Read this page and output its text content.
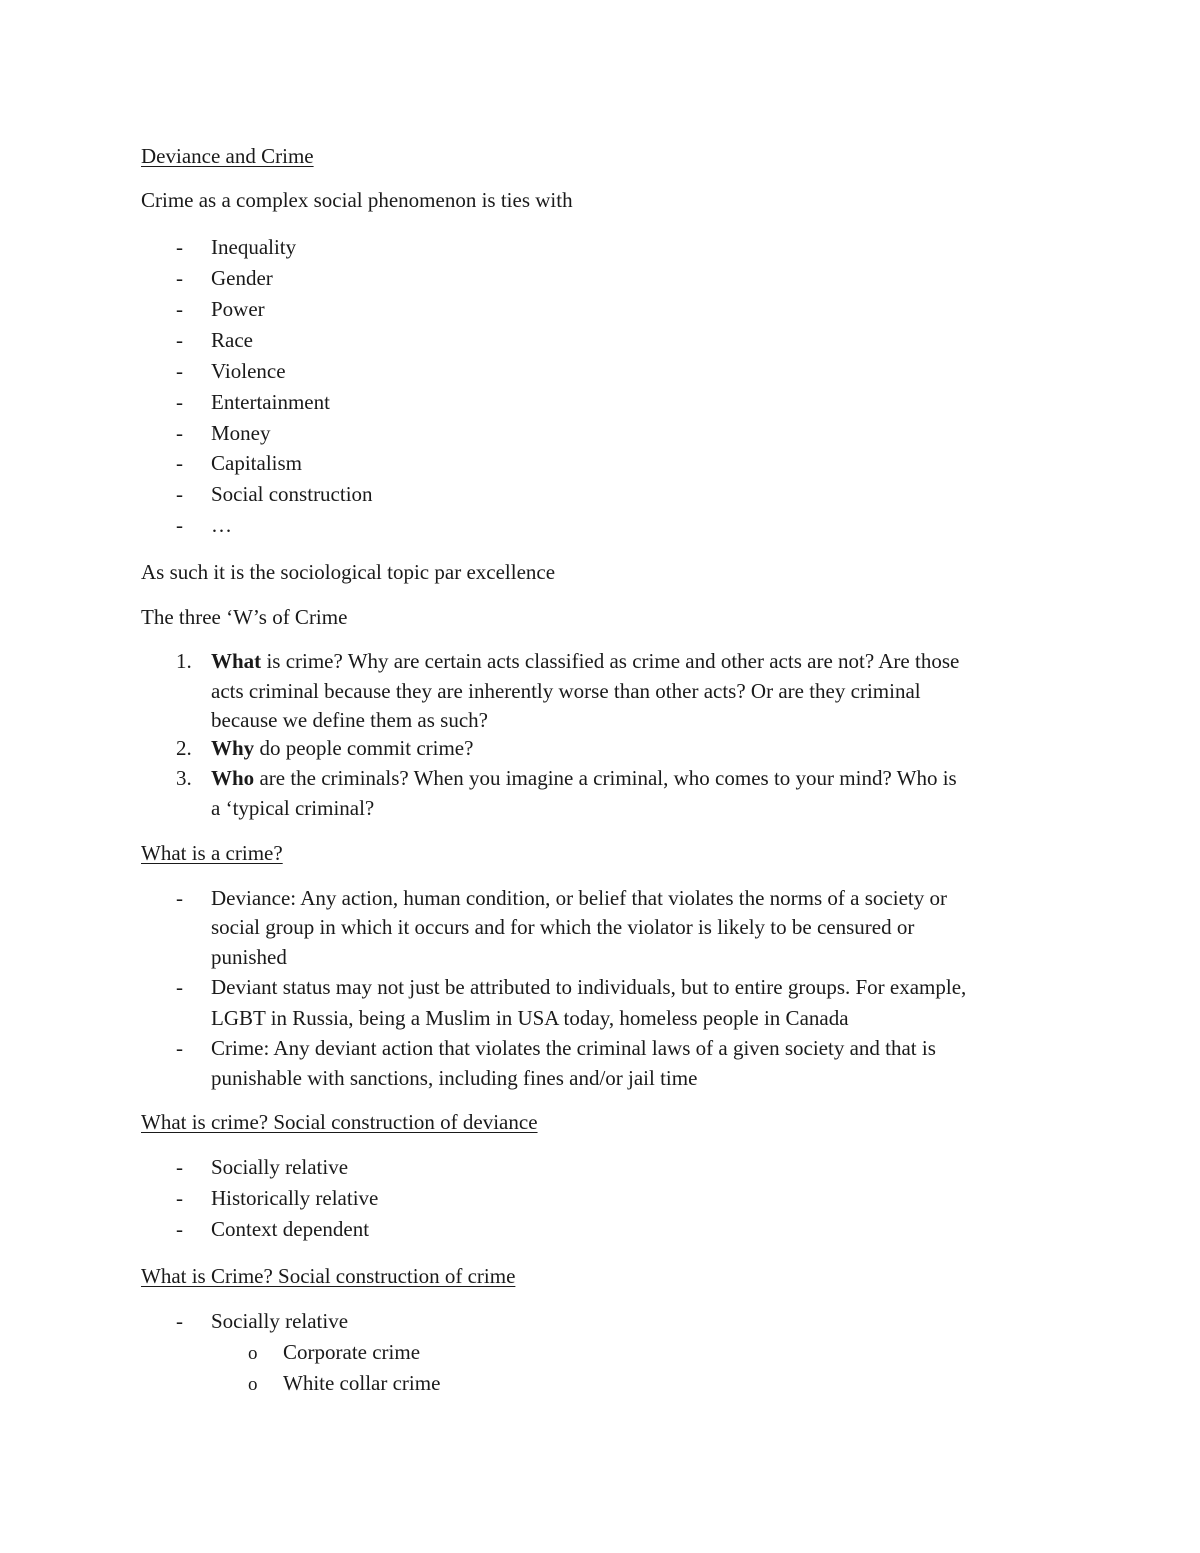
Deviance and Crime
Crime as a complex social phenomenon is ties with
- Inequality
- Gender
- Power
- Race
- Violence
- Entertainment
- Money
- Capitalism
- Social construction
- …
As such it is the sociological topic par excellence
The three ‘W’s of Crime
1. What is crime? Why are certain acts classified as crime and other acts are not? Are those
acts criminal because they are inherently worse than other acts? Or are they criminal
because we define them as such?
2. Why do people commit crime?
3. Who are the criminals? When you imagine a criminal, who comes to your mind? Who is
a ‘typical criminal?
What is a crime?
- Deviance: Any action, human condition, or belief that violates the norms of a society or
social group in which it occurs and for which the violator is likely to be censured or
punished
- Deviant status may not just be attributed to individuals, but to entire groups. For example,
LGBT in Russia, being a Muslim in USA today, homeless people in Canada
- Crime: Any deviant action that violates the criminal laws of a given society and that is
punishable with sanctions, including fines and/or jail time
What is crime? Social construction of deviance
- Socially relative
- Historically relative
- Context dependent
What is Crime? Social construction of crime
- Socially relative
o Corporate crime
o White collar crime
